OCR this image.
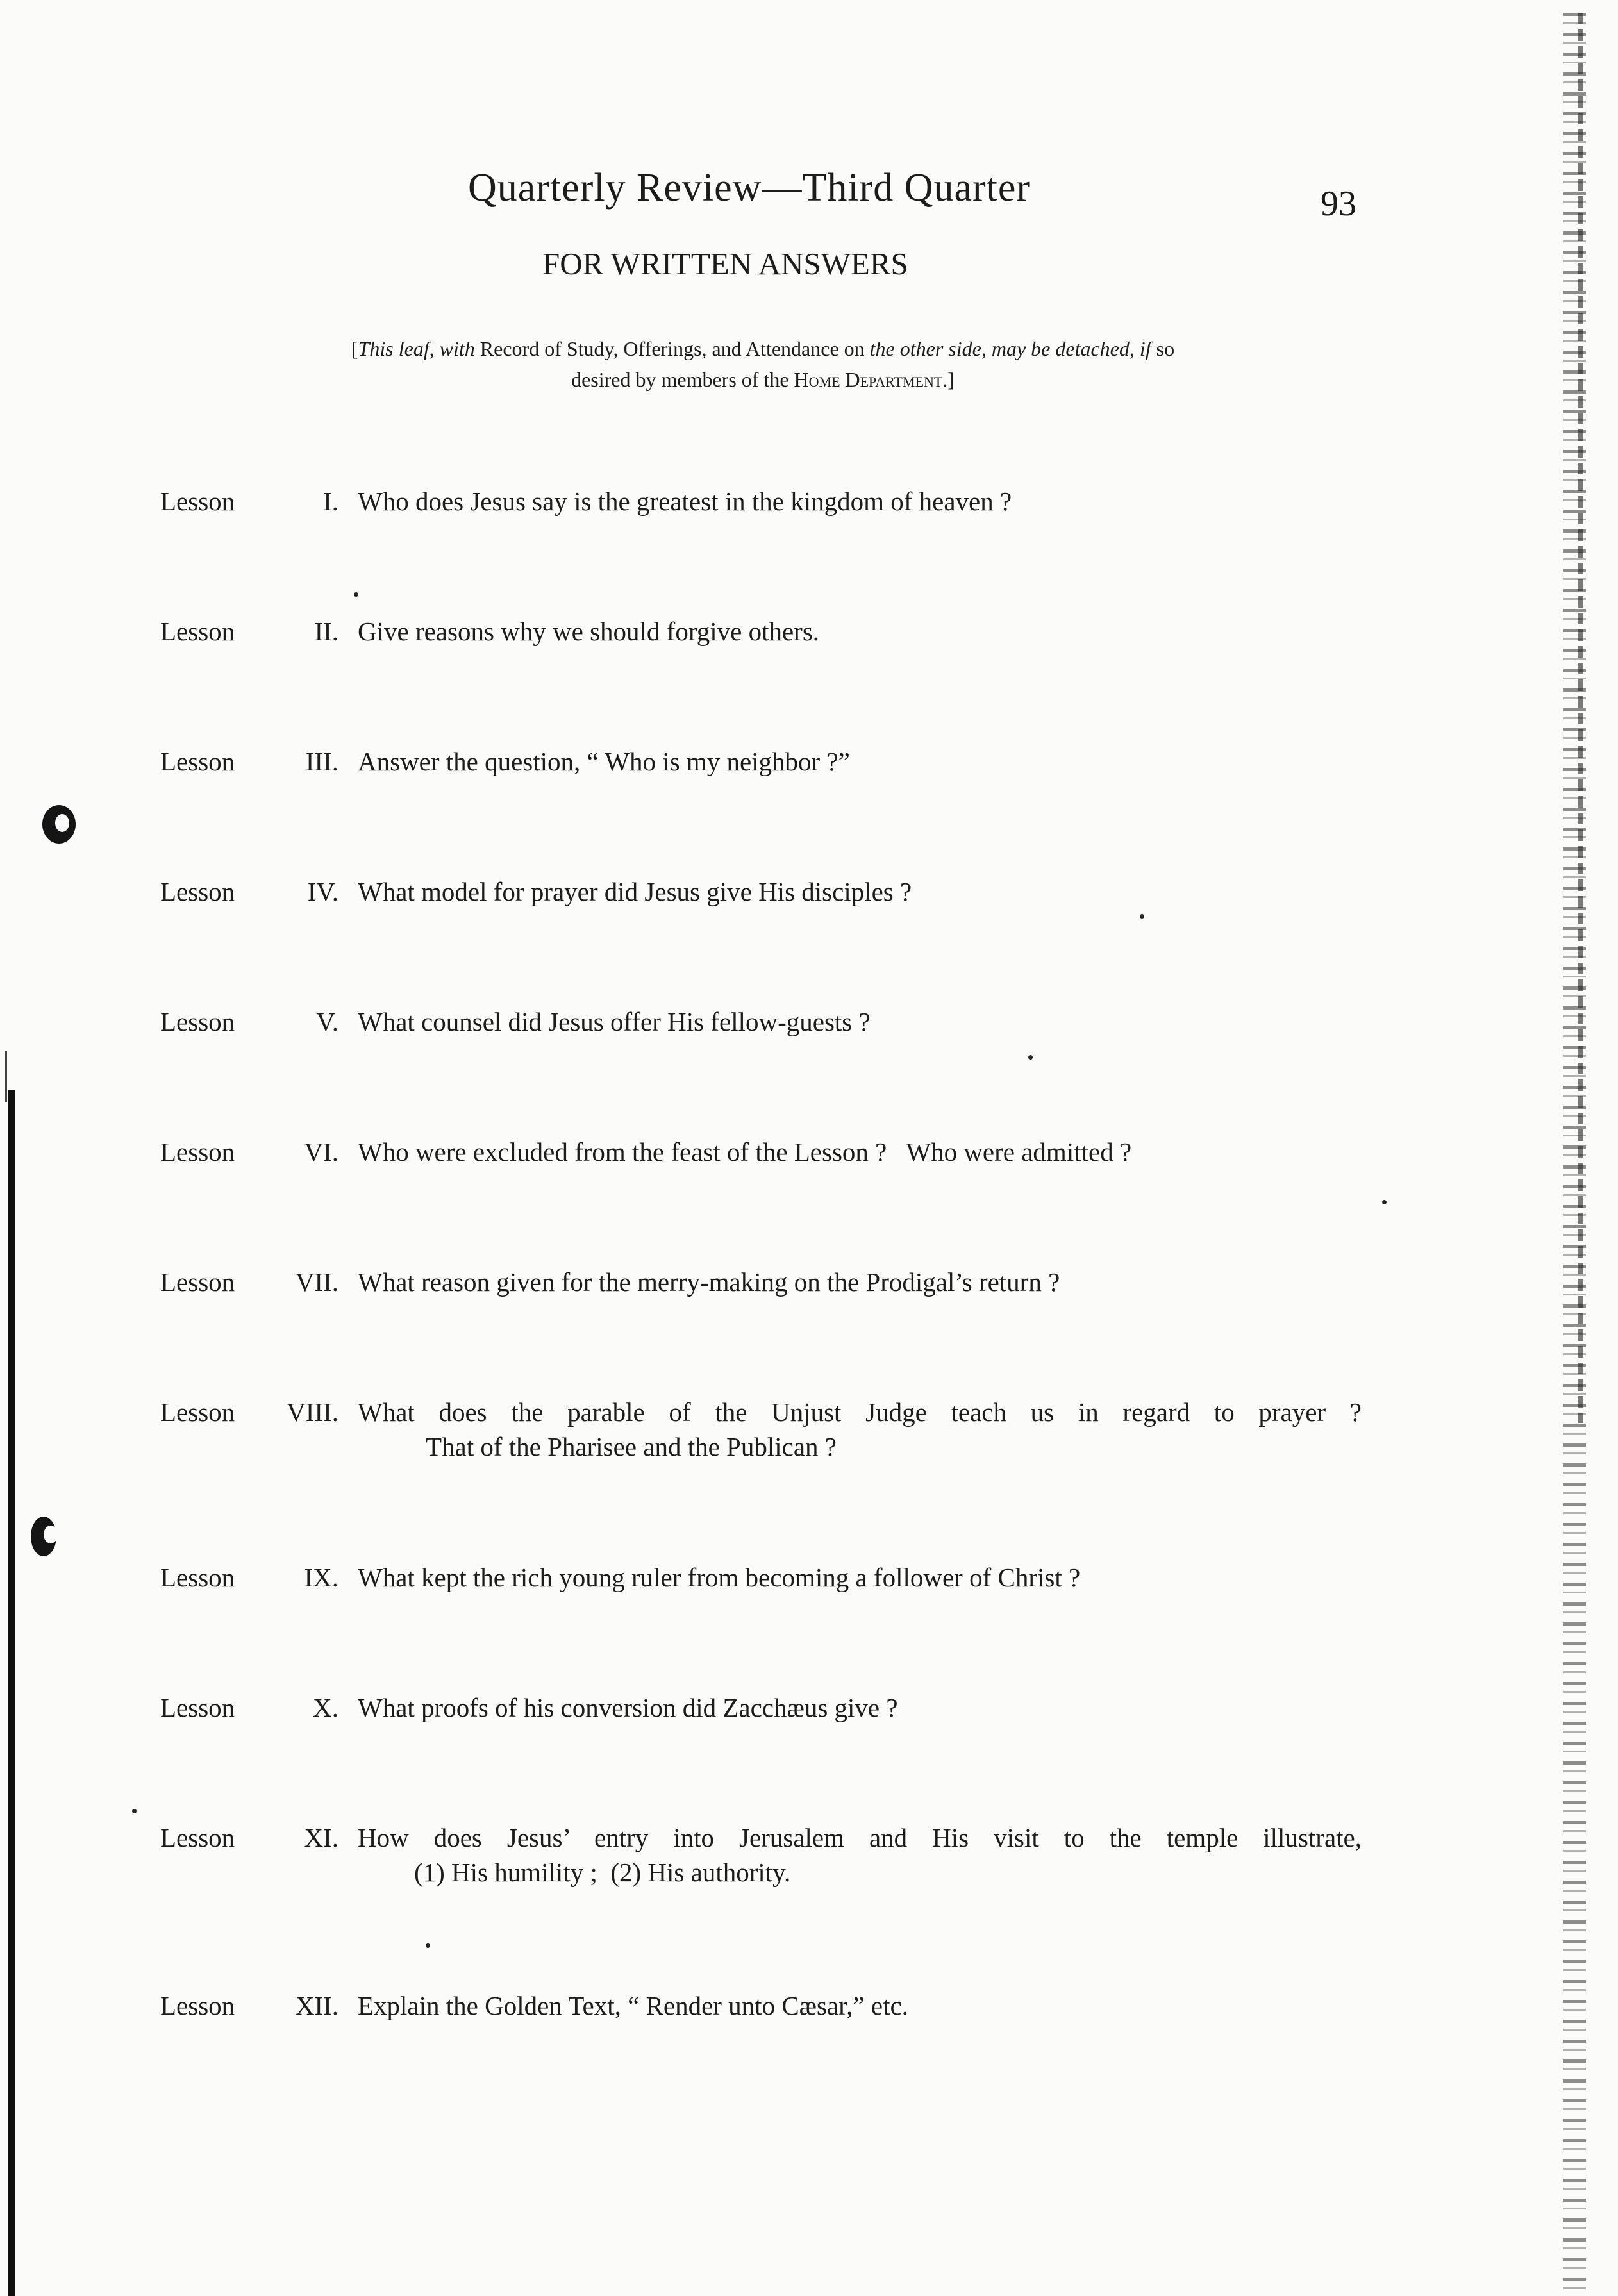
Quarterly Review—Third Quarter	93
FOR WRITTEN ANSWERS
[This leaf, with Record of Study, Offerings, and Attendance on the other side, may be detached, if so
desired by members of the Home Department.]
Lesson	I. Who does Jesus say is the greatest in the kingdom of heaven ?
Lesson	II. Give reasons why we should forgive others.
Lesson	III. Answer the question, “ Who is my neighbor ?”
Lesson	IV. What model for prayer did Jesus give His disciples ?
Lesson	V. What counsel did Jesus offer His fellow-guests ?
Lesson	VI. Who were excluded from the feast of the Lesson ?   Who were admitted ?
Lesson	VII. What reason given for the merry-making on the Prodigal’s return ?
Lesson	VIII. What does the parable of the Unjust Judge teach us in regard to prayer ?
That of the Pharisee and the Publican ?
Lesson	IX. What kept the rich young ruler from becoming a follower of Christ ?
Lesson	X. What proofs of his conversion did Zacchæus give ?
Lesson	XI. How does Jesus’ entry into Jerusalem and His visit to the temple illustrate,
(1) His humility ;  (2) His authority.
Lesson	XII. Explain the Golden Text, “ Render unto Cæsar,” etc.
